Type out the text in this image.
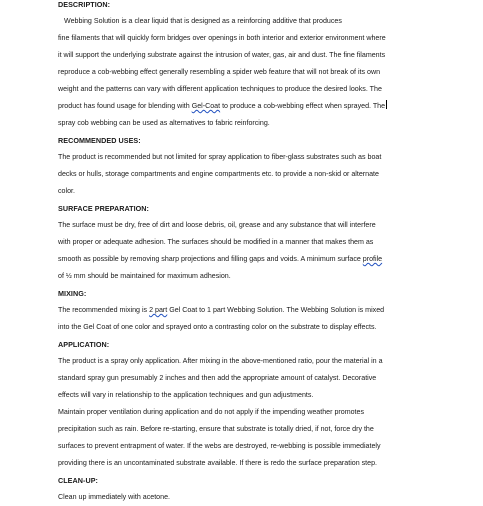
DESCRIPTION:
Webbing Solution is a clear liquid that is designed as a reinforcing additive that produces
fine filaments that will quickly form bridges over openings in both interior and exterior environment where
it will support the underlying substrate against the intrusion of water, gas, air and dust. The fine filaments
reproduce a cob-webbing effect generally resembling a spider web feature that will not break of its own
weight and the patterns can vary with different application techniques to produce the desired looks. The
product has found usage for blending with Gel-Coat to produce a cob-webbing effect when sprayed. The
spray cob webbing can be used as alternatives to fabric reinforcing.
RECOMMENDED USES:
The product is recommended but not limited for spray application to fiber-glass substrates such as boat
decks or hulls, storage compartments and engine compartments etc. to provide a non-skid or alternate
color.
SURFACE PREPARATION:
The surface must be dry, free of dirt and loose debris, oil, grease and any substance that will interfere
with proper or adequate adhesion. The surfaces should be modified in a manner that makes them as
smooth as possible by removing sharp projections and filling gaps and voids. A minimum surface profile
of ½ mm should be maintained for maximum adhesion.
MIXING:
The recommended mixing is 2 part Gel Coat to 1 part Webbing Solution. The Webbing Solution is mixed
into the Gel Coat of one color and sprayed onto a contrasting color on the substrate to display effects.
APPLICATION:
The product is a spray only application. After mixing in the above-mentioned ratio, pour the material in a
standard spray gun presumably 2 inches and then add the appropriate amount of catalyst. Decorative
effects will vary in relationship to the application techniques and gun adjustments.
Maintain proper ventilation during application and do not apply if the impending weather promotes
precipitation such as rain. Before re-starting, ensure that substrate is totally dried, if not, force dry the
surfaces to prevent entrapment of water. If the webs are destroyed, re-webbing is possible immediately
providing there is an uncontaminated substrate available. If there is redo the surface preparation step.
CLEAN-UP:
Clean up immediately with acetone.
